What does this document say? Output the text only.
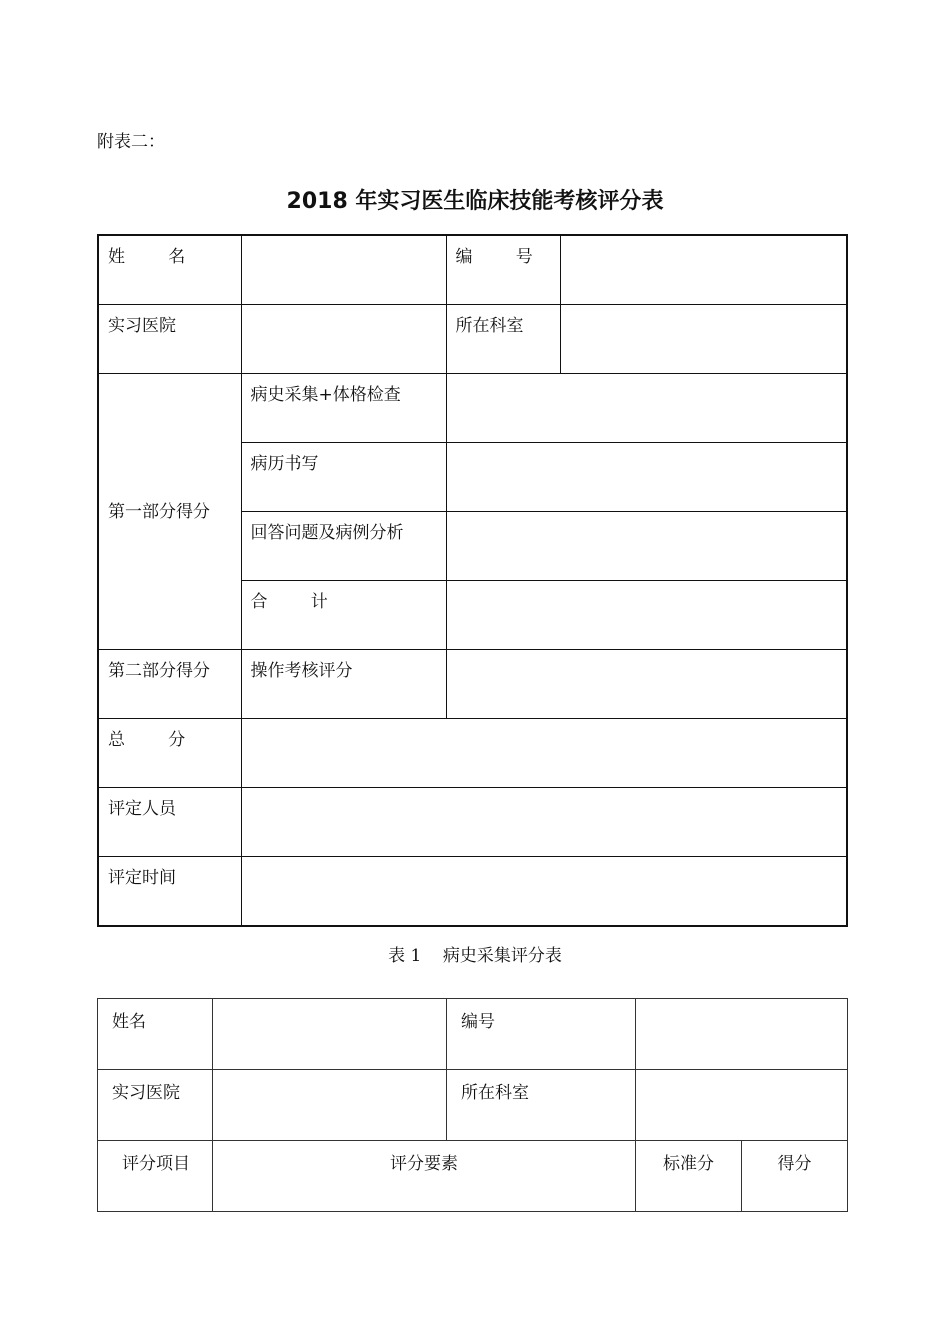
附表二：
2018 年实习医生临床技能考核评分表
姓        名		编        号	
实习医院		所在科室	
第一部分得分	病史采集+体格检查		
	病历书写		
	回答问题及病例分析		
	合        计		
第二部分得分	操作考核评分		
总        分			
评定人员			
评定时间			
表 1    病史采集评分表
姓名		编号		
实习医院		所在科室		
评分项目	评分要素		标准分	得分
